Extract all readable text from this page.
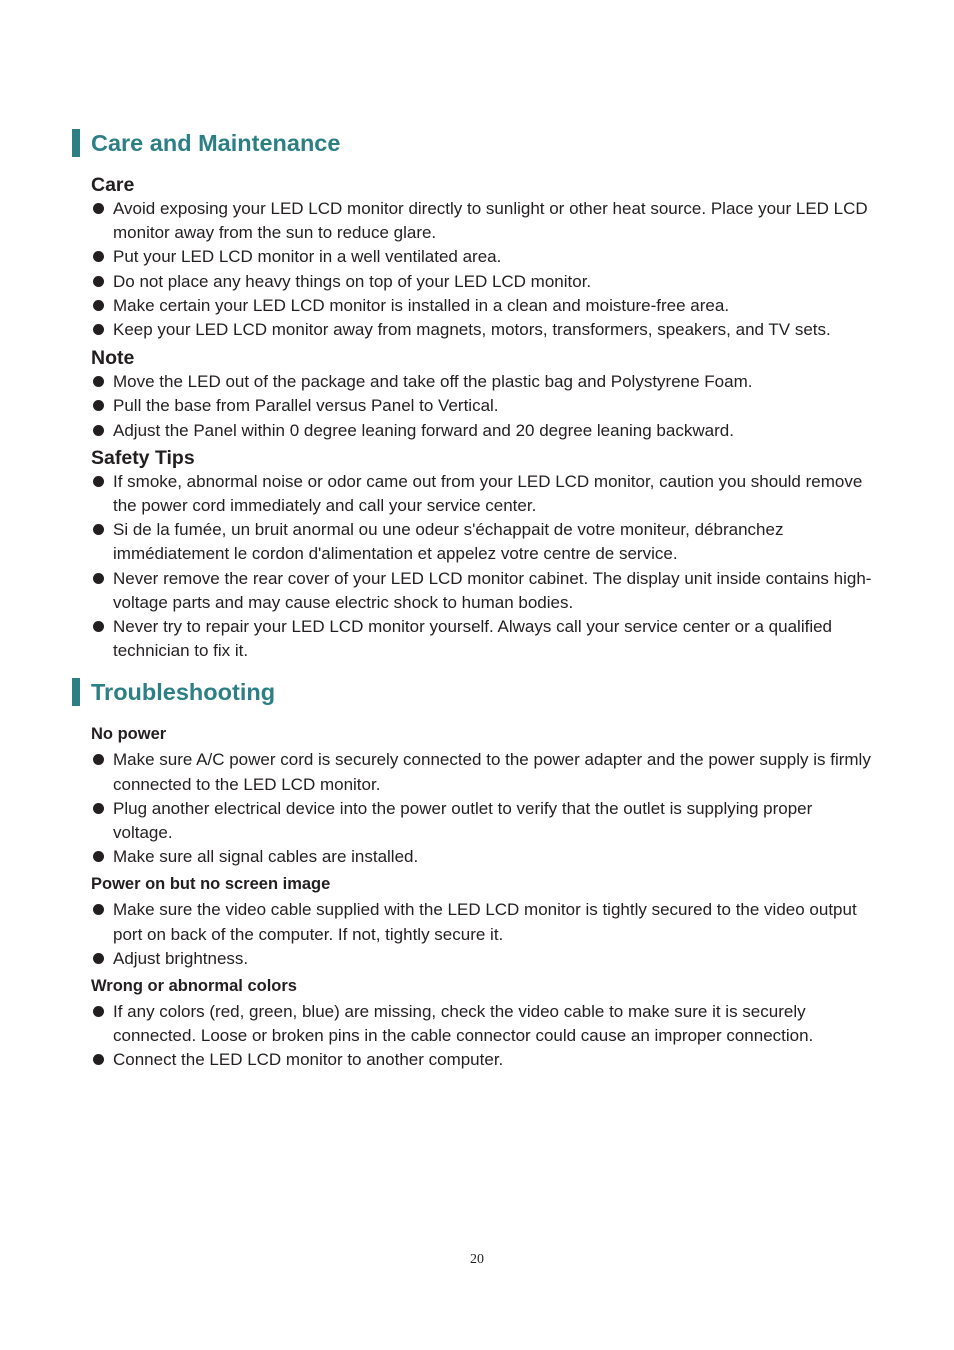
Care and Maintenance
Care
Avoid exposing your LED LCD monitor directly to sunlight or other heat source. Place your LED LCD monitor away from the sun to reduce glare.
Put your LED LCD monitor in a well ventilated area.
Do not place any heavy things on top of your LED LCD monitor.
Make certain your LED LCD monitor is installed in a clean and moisture-free area.
Keep your LED LCD monitor away from magnets, motors, transformers, speakers, and TV sets.
Note
Move the LED out of the package and take off the plastic bag and Polystyrene Foam.
Pull the base from Parallel versus Panel to Vertical.
Adjust the Panel within 0 degree leaning forward and 20 degree leaning backward.
Safety Tips
If smoke, abnormal noise or odor came out from your LED LCD monitor, caution you should remove the power cord immediately and call your service center.
Si de la fumée, un bruit anormal ou une odeur s'échappait de votre moniteur, débranchez immédiatement le cordon d'alimentation et appelez votre centre de service.
Never remove the rear cover of your LED LCD monitor cabinet. The display unit inside contains high-voltage parts and may cause electric shock to human bodies.
Never try to repair your LED LCD monitor yourself. Always call your service center or a qualified technician to fix it.
Troubleshooting
No power
Make sure A/C power cord is securely connected to the power adapter and the power supply is firmly connected to the LED LCD monitor.
Plug another electrical device into the power outlet to verify that the outlet is supplying proper voltage.
Make sure all signal cables are installed.
Power on but no screen image
Make sure the video cable supplied with the LED LCD monitor is tightly secured to the video output port on back of the computer. If not, tightly secure it.
Adjust brightness.
Wrong or abnormal colors
If any colors (red, green, blue) are missing, check the video cable to make sure it is securely connected. Loose or broken pins in the cable connector could cause an improper connection.
Connect the LED LCD monitor to another computer.
20
